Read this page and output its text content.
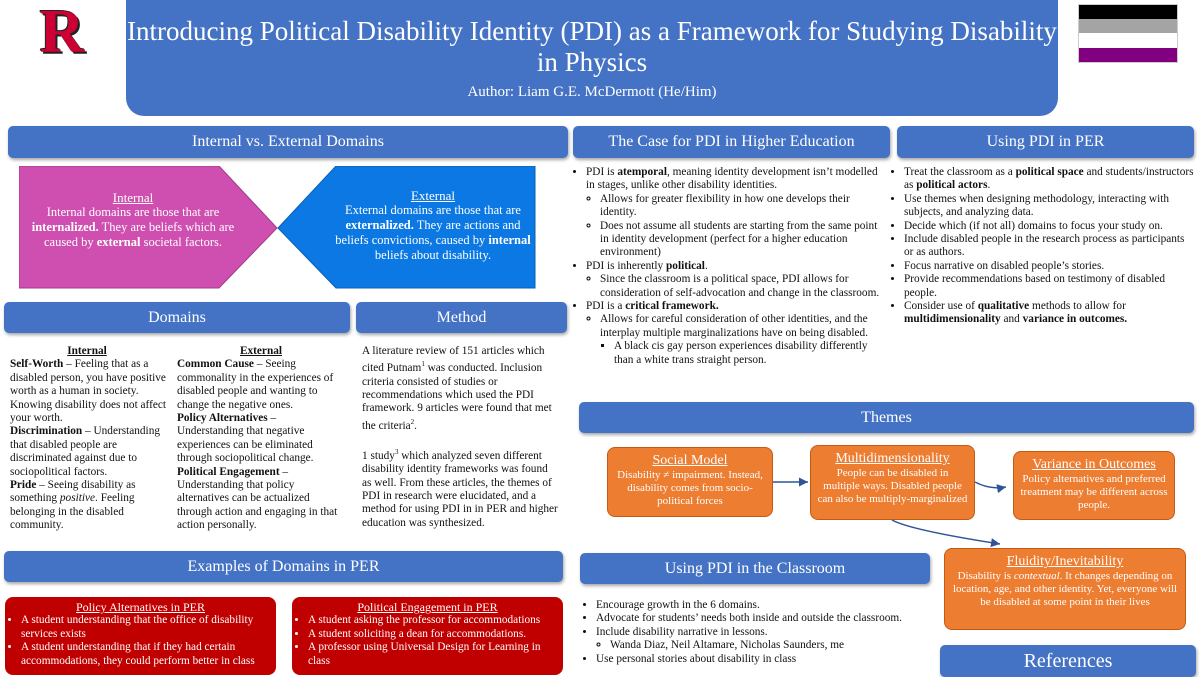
R Introducing Political Disability Identity (PDI) as a Framework for Studying Disability in Physics
Author: Liam G.E. McDermott (He/Him)
Internal vs. External Domains	The Case for PDI in Higher Education	Using PDI in PER
Domains	Method
Themes
Examples of Domains in PER	Using PDI in the Classroom
References
Internal
Internal domains are those that are internalized. They are beliefs which are caused by external societal factors.
External
External domains are those that are externalized. They are actions and beliefs convictions, caused by internal beliefs about disability.
Internal
• Self-Worth – Feeling that as a disabled person, you have positive worth as a human in society. Knowing disability does not affect your worth.
• Discrimination – Understanding that disabled people are discriminated against due to sociopolitical factors.
• Pride – Seeing disability as something positive. Feeling belonging in the disabled community.
External
Common Cause – Seeing commonality in the experiences of disabled people and wanting to change the negative ones.
Policy Alternatives – Understanding that negative experiences can be eliminated through sociopolitical change.
Political Engagement – Understanding that policy alternatives can be actualized through action and engaging in that action personally.
A literature review of 151 articles which cited Putnam$^1$ was conducted. Inclusion criteria consisted of studies or recommendations which used the PDI framework. 9 articles were found that met the criteria$^2$.
1 study$^3$ which analyzed seven different disability identity frameworks was found as well. From these articles, the themes of PDI in research were elucidated, and a method for using PDI in in PER and higher education was synthesized.
Policy Alternatives in PER
• A student understanding that the office of disability services exists
• A student understanding that if they had certain accommodations, they could perform better in class
Political Engagement in PER
• A student asking the professor for accommodations
• A student soliciting a dean for accommodations.
• A professor using Universal Design for Learning in class
• PDI is atemporal, meaning identity development isn’t modelled in stages, unlike other disability identities.
◦ Allows for greater flexibility in how one develops their identity.
◦ Does not assume all students are starting from the same point in identity development (perfect for a higher education environment)
• PDI is inherently political.
◦ Since the classroom is a political space, PDI allows for consideration of self-advocation and change in the classroom.
• PDI is a critical framework.
◦ Allows for careful consideration of other identities, and the interplay multiple marginalizations have on being disabled.
▪ A black cis gay person experiences disability differently than a white trans straight person.
• Treat the classroom as a political space and students/instructors as political actors.
• Use themes when designing methodology, interacting with subjects, and analyzing data.
• Decide which (if not all) domains to focus your study on.
• Include disabled people in the research process as participants or as authors.
• Focus narrative on disabled people’s stories.
• Provide recommendations based on testimony of disabled people.
• Consider use of qualitative methods to allow for multidimensionality and variance in outcomes.
Social Model
Disability ≠ impairment. Instead, disability comes from socio-political forces
Multidimensionality
People can be disabled in multiple ways. Disabled people can also be multiply-marginalized
Variance in Outcomes
Policy alternatives and preferred treatment may be different across people.
Fluidity/Inevitability
Disability is contextual. It changes depending on location, age, and other identity. Yet, everyone will be disabled at some point in their lives
• Encourage growth in the 6 domains.
• Advocate for students’ needs both inside and outside the classroom.
• Include disability narrative in lessons.
◦ Wanda Diaz, Neil Altamare, Nicholas Saunders, me
• Use personal stories about disability in class
